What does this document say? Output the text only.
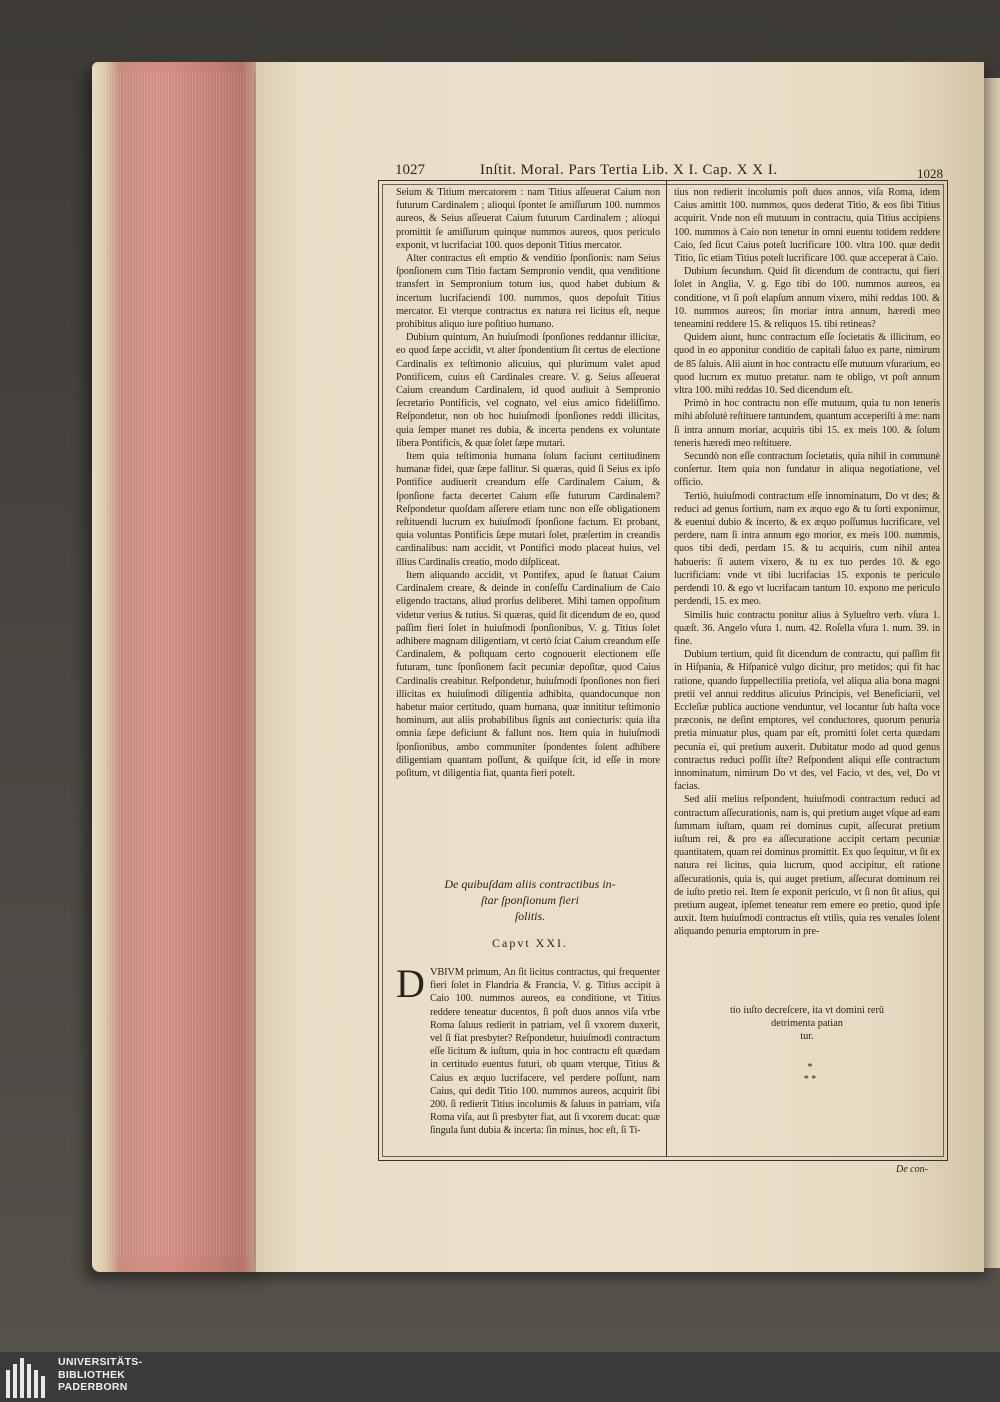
1027	Inſtit. Moral. Pars Tertia Lib. X I. Cap. X X I.	1028

Seium & Titium mercatorem : nam Titius aſſeuerat Caium non futurum Cardinalem ; alioqui ſpontet ſe amiſſurum 100. nummos aureos, & Seius aſſeuerat Caium futurum Cardinalem ; alioqui promittit ſe amiſſurum quinque nummos aureos, quos periculo exponit, vt lucrifaciat 100. quos deponit Titius mercator.

Alter contractus eſt emptio & venditio ſponſionis: nam Seius ſponſionem cum Titio factam Sempronio vendit, qua venditione transfert in Sempronium totum ius, quod habet dubium & incertum lucrifaciendi 100. nummos, quos depoſuit Titius mercator. Et vterque contractus ex natura rei licitus eſt, neque prohibitus aliquo iure poſitiuo humano.

Dubium quintum, An huiuſmodi ſponſiones reddantur illicitæ, eo quod ſæpe accidit, vt alter ſpondentium ſit certus de electione Cardinalis ex teſtimonio alicuius, qui plurimum valet apud Pontificem, cuius eſt Cardinales creare. V. g. Seius aſſeuerat Caium creandum Cardinalem, id quod audiuit à Sempronio ſecretario Pontificis, vel cognato, vel eius amico fideliſſimo. Reſpondetur, non ob hoc huiuſmodi ſponſiones reddi illicitas, quia ſemper manet res dubia, & incerta pendens ex voluntate libera Pontificis, & quæ ſolet ſæpe mutari.

Item quia teſtimonia humana ſolum faciunt certitudinem humanæ fidei, quæ ſæpe fallitur. Si quæras, quid ſi Seius ex ipſo Pontifice audiuerit creandum eſſe Cardinalem Caium, & ſponſione facta decertet Caium eſſe futurum Cardinalem? Reſpondetur quoſdam aſſerere etiam tunc non eſſe obligationem reſtituendi lucrum ex huiuſmodi ſponſione factum. Et probant, quia voluntas Pontificis ſæpe mutari ſolet, præſertim in creandis cardinalibus: nam accidit, vt Pontifici modo placeat huius, vel illius Cardinalis creatio, modo diſpliceat.

Item aliquando accidit, vt Pontifex, apud ſe ſtatuat Caium Cardinalem creare, & deinde in conſeſſu Cardinalium de Caio eligendo tractans, aliud prorſus deliberet. Mihi tamen oppoſitum videtur verius & tutius. Si quæras, quid ſit dicendum de eo, quod paſſim fieri ſolet in huiuſmodi ſponſionibus, V. g. Titius ſolet adhibere magnam diligentiam, vt certò ſciat Caium creandum eſſe Cardinalem, & poſtquam certo cognouerit electionem eſſe futuram, tunc ſponſionem facit pecuniæ depoſitæ, quod Caius Cardinalis creabitur. Reſpondetur, huiuſmodi ſponſiones non fieri illicitas ex huiuſmodi diligentia adhibita, quandocunque non habetur maior certitudo, quam humana, quæ innititur teſtimonio hominum, aut aliis probabilibus ſignis aut coniecturis: quia iſta omnia ſæpe deficiunt & fallunt nos. Item quia in huiuſmodi ſponſionibus, ambo communiter ſpondentes ſolent adhibere diligentiam quantam poſſunt, & quiſque ſcit, id eſſe in more poſitum, vt diligentia fiat, quanta fieri poteſt.

De quibuſdam aliis contractibus in-
ſtar ſponſionum fieri
ſolitis.
Capvt XXI.
D VBIVM primum, An ſit licitus contractus, qui frequenter fieri ſolet in Flandria & Francia, V. g. Titius accipit à Caio 100. nummos aureos, ea conditione, vt Titius reddere teneatur ducentos, ſi poſt duos annos viſa vrbe Roma ſaluus redierit in patriam, vel ſi vxorem duxerit, vel ſi fiat presbyter? Reſpondetur, huiuſmodi contractum eſſe licitum & iuſtum, quia in hoc contractu eſt quædam in certitudo euentus futuri, ob quam vterque, Titius & Caius ex æquo lucrifacere, vel perdere poſſunt, nam Caius, qui dedit Titio 100. nummos aureos, acquirit ſibi 200. ſi redierit Titius incolumis & ſaluus in patriam, viſa Roma viſa, aut ſi presbyter fiat, aut ſi vxorem ducat: quæ ſingula ſunt dubia & incerta: ſin minus, hoc eſt, ſi Ti-

tius non redierit incolumis poſt duos annos, viſa Roma, idem Caius amittit 100. nummos, quos dederat Titio, & eos ſibi Titius acquirit. Vnde non eſt mutuum in contractu, quia Titius accipiens 100. nummos à Caio non tenetur in omni euentu totidem reddere Caio, ſed ſicut Caius poteſt lucrificare 100. vltra 100. quæ dedit Titio, ſic etiam Titius poteſt lucrificare 100. quæ acceperat à Caio.

Dubium ſecundum. Quid ſit dicendum de contractu, qui fieri ſolet in Anglia, V. g. Ego tibi do 100. nummos aureos, ea conditione, vt ſi poſt elapſum annum vixero, mihi reddas 100. & 10. nummos aureos; ſin moriar intra annum, hæredi meo teneamini reddere 15. & reliquos 15. tibi retineas?

Quidem aiunt, hunc contractum eſſe ſocietatis & illicitum, eo quod in eo apponitur conditio de capitali ſaluo ex parte, nimirum de 85 ſaluis. Alii aiunt in hoc contractu eſſe mutuum vſurarium, eo quod lucrum ex mutuo pretatur. nam te obligo, vt poſt annum vltra 100. mihi reddas 10. Sed dicendum eſt.

Primò in hoc contractu non eſſe mutuum, quia tu non teneris mihi abſolutè reſtituere tantundem, quantum acceperiſti à me: nam ſi intra annum moriar, acquiris tibi 15. ex meis 100. & ſolum teneris hæredi meo reſtituere.

Secundò non eſſe contractum ſocietatis, quia nihil in communè conſertur. Item quia non fundatur in aliqua negotiatione, vel officio.

Tertiò, huiuſmodi contractum eſſe innominatum, Do vt des; & reduci ad genus ſortium, nam ex æquo ego & tu ſorti exponimur, & euentui dubio & incerto, & ex æquo poſſumus lucrificare, vel perdere, nam ſi intra annum ego morior, ex meis 100. nummis, quos tibi dedi, perdam 15. & tu acquiris, cum nihil antea habueris: ſi autem vixero, & tu ex tuo perdes 10. & ego lucrificiam: vnde vt tibi lucrifacias 15. exponis te periculo perdendi 10. & ego vt lucrifacam tantum 10. expono me periculo perdendi, 15. ex meo.

Similis huic contractu ponitur alius à Sylueſtro verb. vſura 1. quæſt. 36. Angelo vſura 1. num. 42. Roſella vſura 1. num. 39. in fine.

Dubium tertium, quid ſit dicendum de contractu, qui paſſim fit in Hiſpania, & Hiſpanicè vulgo dicitur, pro metidos; qui fit hac ratione, quando ſuppellectilia pretioſa, vel aliqua alia bona magni pretii vel annui redditus alicuius Principis, vel Beneficiarii, vel Eccleſiæ publica auctione venduntur, vel locantur ſub haſta voce præconis, ne deſint emptores, vel conductores, quorum penuria pretia minuatur plus, quam par eſt, promitti ſolet certa quædam pecunia ei, qui pretium auxerit. Dubitatur modo ad quod genus contractus reduci poſſit iſte? Reſpondent aliqui eſſe contractum innominatum, nimirum Do vt des, vel Facio, vt des, vel, Do vt facias.

Sed alii melius reſpondent, huiuſmodi contractum reduci ad contractum aſſecurationis, nam is, qui pretium auget vſque ad eam ſummam iuſtam, quam rei dominus cupit, aſſecurat pretium iuſtum rei, & pro ea aſſecuratione accipit certam pecuniæ quantitatem, quam rei dominus promittit. Ex quo ſequitur, vt ſit ex natura rei licitus, quia lucrum, quod accipitur, eſt ratione aſſecurationis, quia is, qui auget pretium, aſſecurat dominum rei de iuſto pretio rei. Item ſe exponit periculo, vt ſi non ſit alius, qui pretium augeat, ipſemet teneatur rem emere eo pretio, quod ipſe auxit. Item huiuſmodi contractus eſt vtilis, quia res venales ſolent aliquando penuria emptorum in pre-

tio iuſto decreſcere, ita vt domini rerū
detrimenta patian
tur.
*
* *
De con-
UNIVERSITÄTS-
BIBLIOTHEK
PADERBORN
